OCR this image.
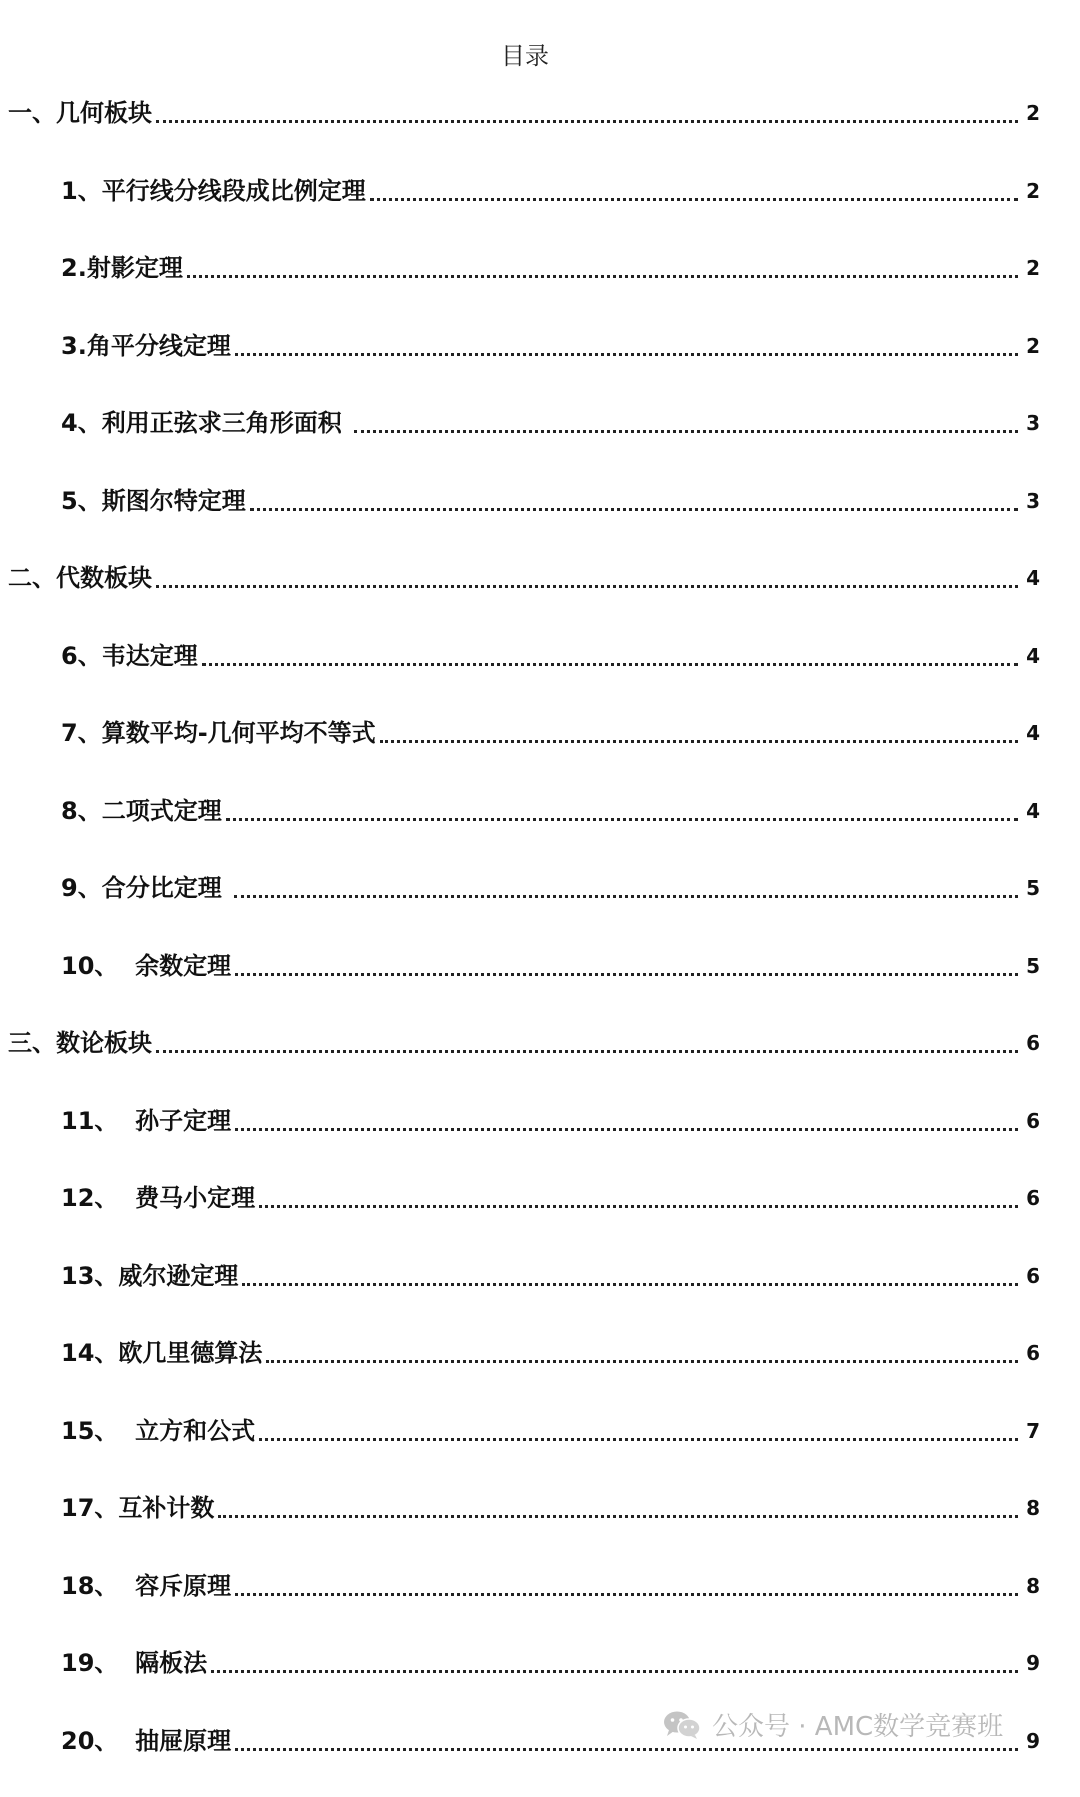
目录
一、几何板块	2
1、平行线分线段成比例定理	2
2.射影定理	2
3.角平分线定理	2
4、利用正弦求三角形面积	3
5、斯图尔特定理	3
二、代数板块	4
6、韦达定理	4
7、算数平均-几何平均不等式	4
8、二项式定理	4
9、合分比定理	5
10、  余数定理	5
三、数论板块	6
11、  孙子定理	6
12、  费马小定理	6
13、威尔逊定理	6
14、欧几里德算法	6
15、  立方和公式	7
17、互补计数	8
18、  容斥原理	8
19、  隔板法	9
20、  抽屉原理	9
公众号 · AMC数学竞赛班
